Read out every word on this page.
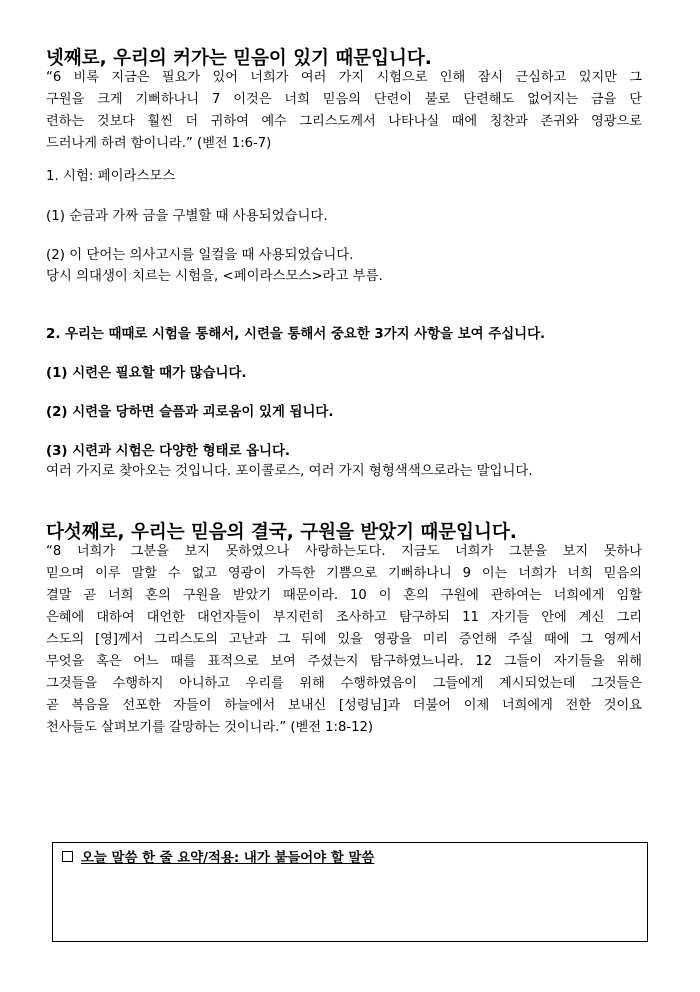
넷째로, 우리의 커가는 믿음이 있기 때문입니다.
“6 비록 지금은 필요가 있어 너희가 여러 가지 시험으로 인해 잠시 근심하고 있지만 그
구원을 크게 기뻐하나니 7 이것은 너희 믿음의 단련이 불로 단련해도 없어지는 금을 단
련하는 것보다 훨씬 더 귀하여 예수 그리스도께서 나타나실 때에 칭찬과 존귀와 영광으로
드러나게 하려 함이니라.” (벧전 1:6-7)

1. 시험: 페이라스모스

(1) 순금과 가짜 금을 구별할 때 사용되었습니다.

(2) 이 단어는 의사고시를 일컬을 때 사용되었습니다.

당시 의대생이 치르는 시험을, <페이라스모스>라고 부름.

2. 우리는 때때로 시험을 통해서, 시련을 통해서 중요한 3가지 사항을 보여 주십니다.

(1) 시련은 필요할 때가 많습니다.

(2) 시련을 당하면 슬픔과 괴로움이 있게 됩니다.

(3) 시련과 시험은 다양한 형태로 옵니다.

여러 가지로 찾아오는 것입니다. 포이콜로스, 여러 가지 형형색색으로라는 말입니다.

다섯째로, 우리는 믿음의 결국, 구원을 받았기 때문입니다.
“8 너희가 그분을 보지 못하였으나 사랑하는도다. 지금도 너희가 그분을 보지 못하나
믿으며 이루 말할 수 없고 영광이 가득한 기쁨으로 기뻐하나니 9 이는 너희가 너희 믿음의
결말 곧 너희 혼의 구원을 받았기 때문이라. 10 이 혼의 구원에 관하여는 너희에게 임할
은혜에 대하여 대언한 대언자들이 부지런히 조사하고 탐구하되 11 자기들 안에 계신 그리
스도의 [영]께서 그리스도의 고난과 그 뒤에 있을 영광을 미리 증언해 주실 때에 그 영께서
무엇을 혹은 어느 때를 표적으로 보여 주셨는지 탐구하였느니라. 12 그들이 자기들을 위해
그것들을 수행하지 아니하고 우리를 위해 수행하였음이 그들에게 계시되었는데 그것들은
곧 복음을 선포한 자들이 하늘에서 보내신 [성령님]과 더불어 이제 너희에게 전한 것이요
천사들도 살펴보기를 갈망하는 것이니라.” (벧전 1:8-12)
오늘 말씀 한 줄 요약/적용: 내가 붙들어야 할 말씀
